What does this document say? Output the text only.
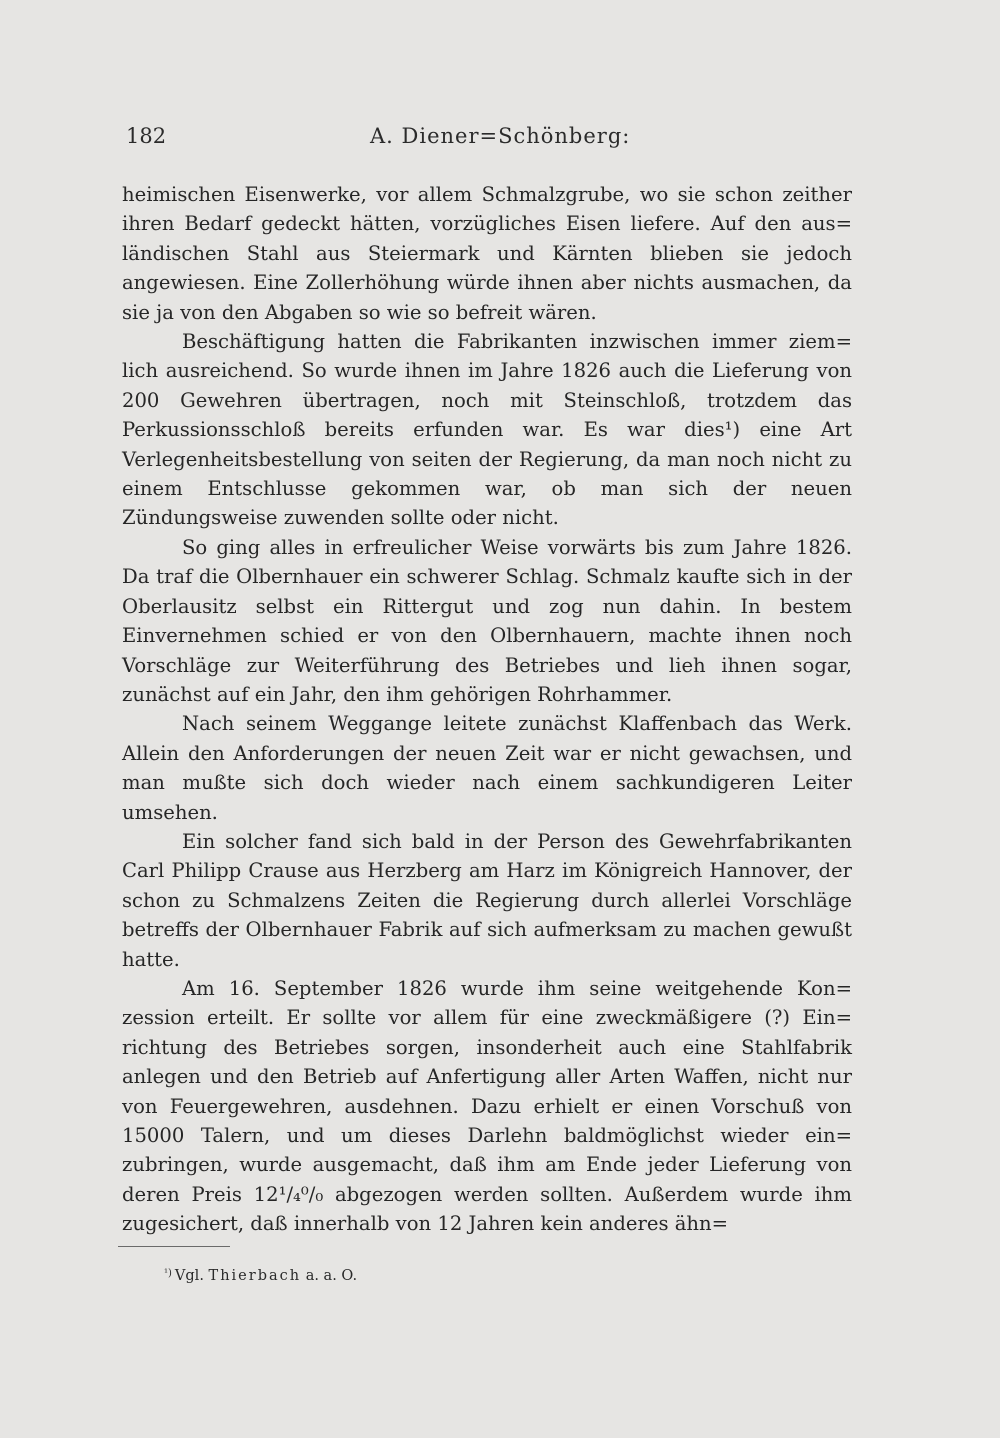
182	A. Diener=Schönberg:

heimischen Eisenwerke, vor allem Schmalzgrube, wo sie schon zeither ihren Bedarf gedeckt hätten, vorzügliches Eisen liefere. Auf den aus= ländischen Stahl aus Steiermark und Kärnten blieben sie jedoch angewiesen. Eine Zollerhöhung würde ihnen aber nichts ausmachen, da sie ja von den Abgaben so wie so befreit wären.

Beschäftigung hatten die Fabrikanten inzwischen immer ziem= lich ausreichend. So wurde ihnen im Jahre 1826 auch die Lieferung von 200 Gewehren übertragen, noch mit Steinschloß, trotzdem das Perkussionsschloß bereits erfunden war. Es war dies¹) eine Art Verlegenheitsbestellung von seiten der Regierung, da man noch nicht zu einem Entschlusse gekommen war, ob man sich der neuen Zündungsweise zuwenden sollte oder nicht.

So ging alles in erfreulicher Weise vorwärts bis zum Jahre 1826. Da traf die Olbernhauer ein schwerer Schlag. Schmalz kaufte sich in der Oberlausitz selbst ein Rittergut und zog nun dahin. In bestem Einvernehmen schied er von den Olbernhauern, machte ihnen noch Vorschläge zur Weiterführung des Betriebes und lieh ihnen sogar, zunächst auf ein Jahr, den ihm gehörigen Rohrhammer.

Nach seinem Weggange leitete zunächst Klaffenbach das Werk. Allein den Anforderungen der neuen Zeit war er nicht gewachsen, und man mußte sich doch wieder nach einem sachkundigeren Leiter umsehen.

Ein solcher fand sich bald in der Person des Gewehrfabrikanten Carl Philipp Crause aus Herzberg am Harz im Königreich Hannover, der schon zu Schmalzens Zeiten die Regierung durch allerlei Vorschläge betreffs der Olbernhauer Fabrik auf sich aufmerksam zu machen gewußt hatte.

Am 16. September 1826 wurde ihm seine weitgehende Kon= zession erteilt. Er sollte vor allem für eine zweckmäßigere (?) Ein= richtung des Betriebes sorgen, insonderheit auch eine Stahlfabrik anlegen und den Betrieb auf Anfertigung aller Arten Waffen, nicht nur von Feuergewehren, ausdehnen. Dazu erhielt er einen Vorschuß von 15000 Talern, und um dieses Darlehn baldmöglichst wieder ein= zubringen, wurde ausgemacht, daß ihm am Ende jeder Lieferung von deren Preis 12¹/₄⁰/₀ abgezogen werden sollten. Außerdem wurde ihm zugesichert, daß innerhalb von 12 Jahren kein anderes ähn=

$^{^1)}$ Vgl. Thierbach a. a. O.
